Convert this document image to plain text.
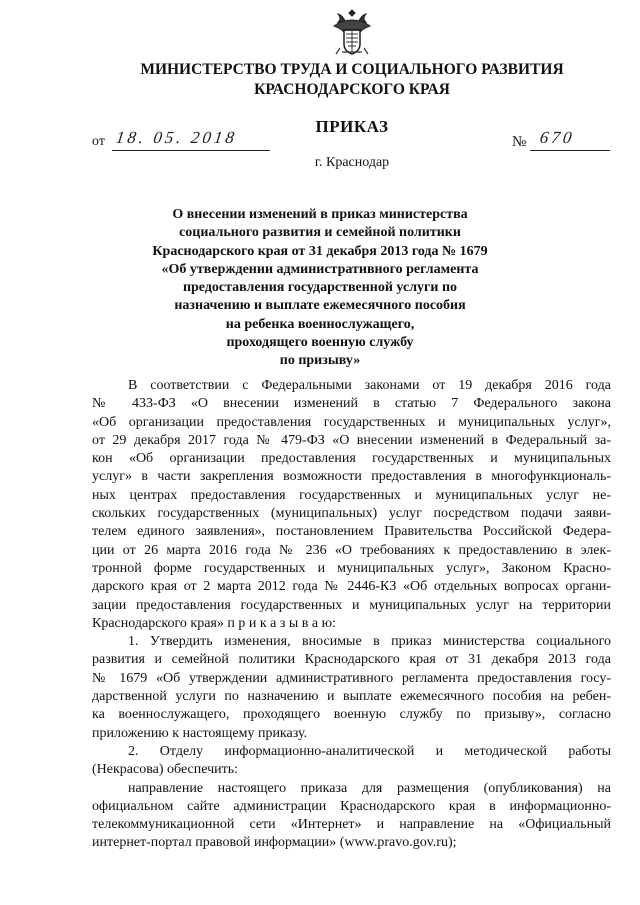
МИНИСТЕРСТВО ТРУДА И СОЦИАЛЬНОГО РАЗВИТИЯ
КРАСНОДАРСКОГО КРАЯ
ПРИКАЗ
от 18. 05. 2018	№ 670
г. Краснодар
О внесении изменений в приказ министерства
социального развития и семейной политики
Краснодарского края от 31 декабря 2013 года № 1679
«Об утверждении административного регламента
предоставления государственной услуги по
назначению и выплате ежемесячного пособия
на ребенка военнослужащего,
проходящего военную службу
по призыву»
В соответствии с Федеральными законами от 19 декабря 2016 года
№ 433-ФЗ «О внесении изменений в статью 7 Федерального закона
«Об организации предоставления государственных и муниципальных услуг»,
от 29 декабря 2017 года № 479-ФЗ «О внесении изменений в Федеральный за-
кон «Об организации предоставления государственных и муниципальных
услуг» в части закрепления возможности предоставления в многофункциональ-
ных центрах предоставления государственных и муниципальных услуг не-
скольких государственных (муниципальных) услуг посредством подачи заяви-
телем единого заявления», постановлением Правительства Российской Федера-
ции от 26 марта 2016 года № 236 «О требованиях к предоставлению в элек-
тронной форме государственных и муниципальных услуг», Законом Красно-
дарского края от 2 марта 2012 года № 2446-КЗ «Об отдельных вопросах органи-
зации предоставления государственных и муниципальных услуг на территории
Краснодарского края» п р и к а з ы в а ю:
1. Утвердить изменения, вносимые в приказ министерства социального
развития и семейной политики Краснодарского края от 31 декабря 2013 года
№ 1679 «Об утверждении административного регламента предоставления госу-
дарственной услуги по назначению и выплате ежемесячного пособия на ребен-
ка военнослужащего, проходящего военную службу по призыву», согласно
приложению к настоящему приказу.
2. Отделу информационно-аналитической и методической работы
(Некрасова) обеспечить:
направление настоящего приказа для размещения (опубликования) на
официальном сайте администрации Краснодарского края в информационно-
телекоммуникационной сети «Интернет» и направление на «Официальный
интернет-портал правовой информации» (www.pravo.gov.ru);
